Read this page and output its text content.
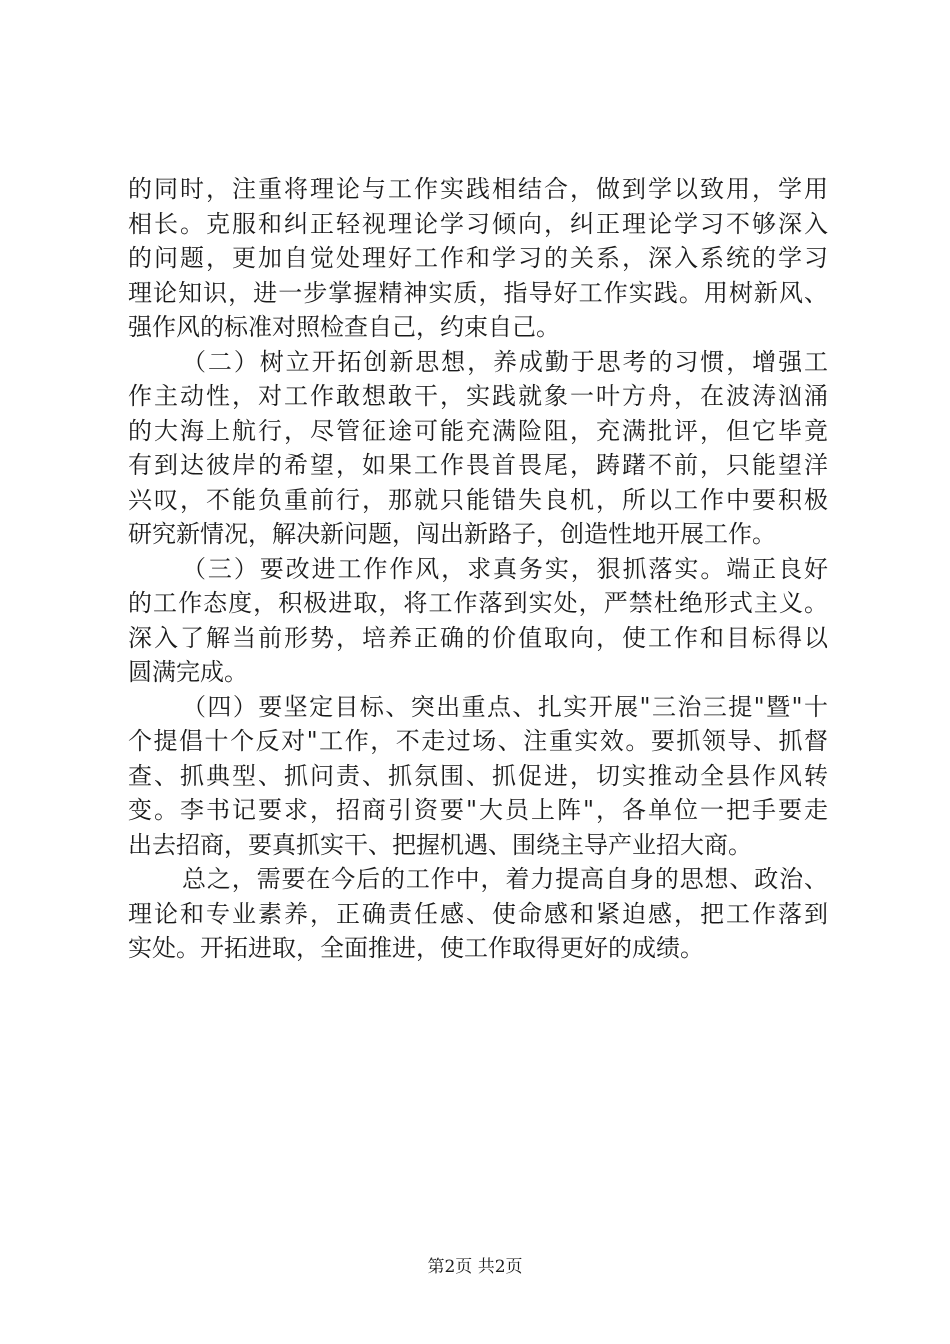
的同时，注重将理论与工作实践相结合，做到学以致用，学用
相长。克服和纠正轻视理论学习倾向，纠正理论学习不够深入
的问题，更加自觉处理好工作和学习的关系，深入系统的学习
理论知识，进一步掌握精神实质，指导好工作实践。用树新风、
强作风的标准对照检查自己，约束自己。
（二）树立开拓创新思想，养成勤于思考的习惯，增强工
作主动性，对工作敢想敢干，实践就象一叶方舟，在波涛汹涌
的大海上航行，尽管征途可能充满险阻，充满批评，但它毕竟
有到达彼岸的希望，如果工作畏首畏尾，踌躇不前，只能望洋
兴叹，不能负重前行，那就只能错失良机，所以工作中要积极
研究新情况，解决新问题，闯出新路子，创造性地开展工作。
（三）要改进工作作风，求真务实，狠抓落实。端正良好
的工作态度，积极进取，将工作落到实处，严禁杜绝形式主义。
深入了解当前形势，培养正确的价值取向，使工作和目标得以
圆满完成。
（四）要坚定目标、突出重点、扎实开展"三治三提"暨"十
个提倡十个反对"工作，不走过场、注重实效。要抓领导、抓督
查、抓典型、抓问责、抓氛围、抓促进，切实推动全县作风转
变。李书记要求，招商引资要"大员上阵"，各单位一把手要走
出去招商，要真抓实干、把握机遇、围绕主导产业招大商。
总之，需要在今后的工作中，着力提高自身的思想、政治、
理论和专业素养，正确责任感、使命感和紧迫感，把工作落到
实处。开拓进取，全面推进，使工作取得更好的成绩。
第2页 共2页
